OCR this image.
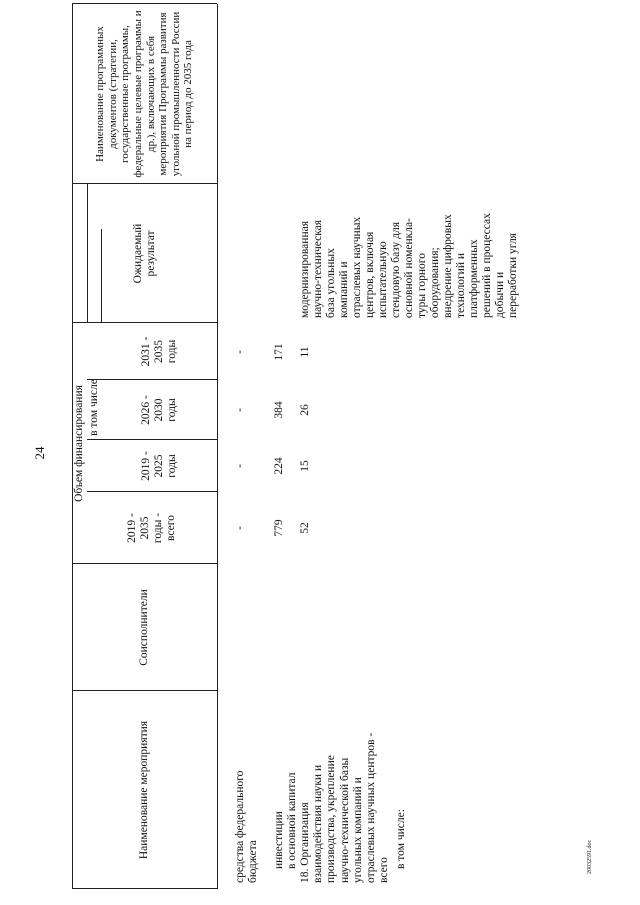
24
Наименование мероприятия
Соисполнители
Объем финансирования в том числе
2019 - 2035 годы - всего
2019 - 2025 годы
2026 - 2030 годы
2031 - 2035 годы
Ожидаемый результат
Наименование программных документов (стратегии, государственные программы, федеральные целевые программы и др.), включающих в себя мероприятия Программы развития угольной промышленности России на период до 2035 года
средства федерального бюджета
-
-
-
-
инвестиции в основной капитал
779
224
384
171
18. Организация взаимодействия науки и производства, укрепление научно-технической базы угольных компаний и отраслевых научных центров - всего
52
15
26
11
модернизированная научно-техническая база угольных компаний и отраслевых научных центров, включая испытательную стендовую базу для основной номенкла- туры горного оборудования; внедрение цифровых технологий и платформенных решений в процессах добычи и переработки угля
в том числе:	20032591.doc
